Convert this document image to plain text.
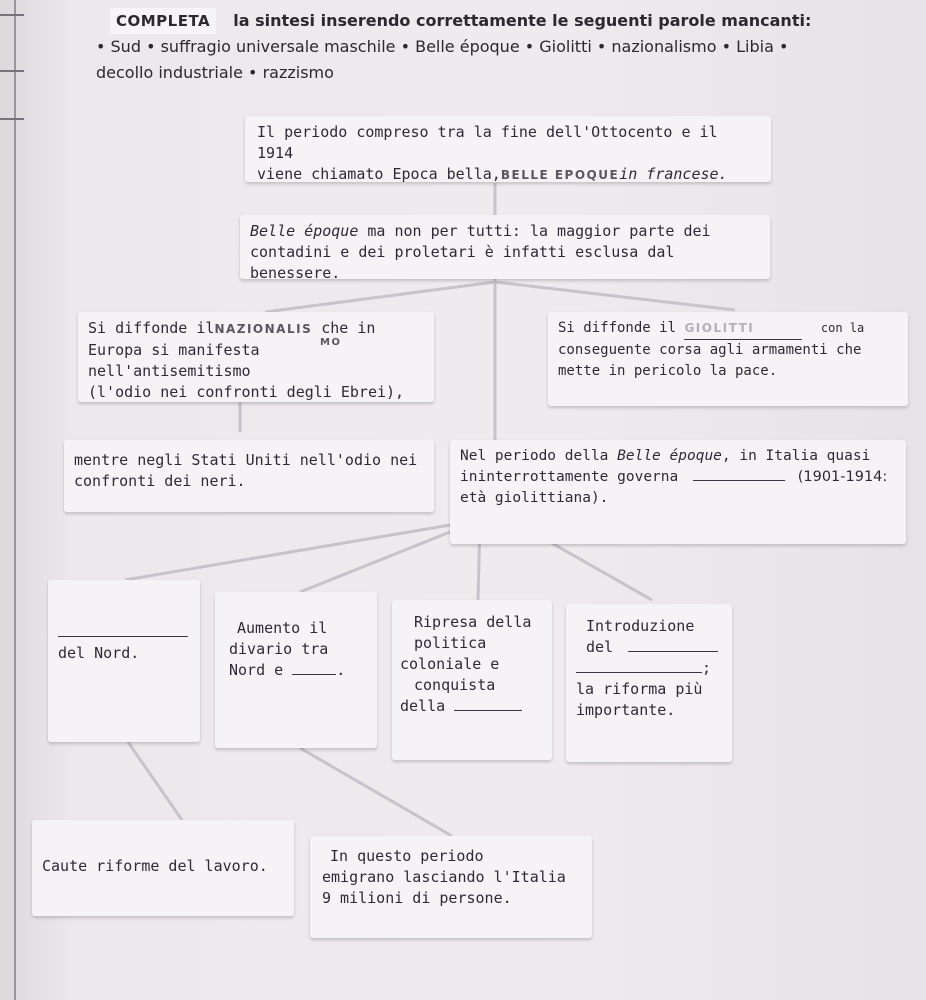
COMPLETA la sintesi inserendo correttamente le seguenti parole mancanti:
• Sud • suffragio universale maschile • Belle époque • Giolitti • nazionalismo • Libia •
decollo industriale • razzismo
Il periodo compreso tra la fine dell'Ottocento e il 1914
viene chiamato Epoca bella,BELLE EPOQUEin francese.
Belle époque ma non per tutti: la maggior parte dei
contadini e dei proletari è infatti esclusa dal benessere.
Si diffonde ilNAZIONALIS che in
MO
Europa si manifesta nell'antisemitismo
(l'odio nei confronti degli Ebrei),
Si diffonde il GIOLITTI	con la
conseguente corsa agli armamenti che
mette in pericolo la pace.
mentre negli Stati Uniti nell'odio nei
confronti dei neri.
Nel periodo della Belle époque, in Italia quasi
ininterrottamente governa	(1901-1914:
età giolittiana).
del Nord.
Aumento il
divario tra
Nord e	.
Ripresa della
politica
coloniale e
conquista
della
Introduzione
del
;
la riforma più
importante.
Caute riforme del lavoro.
In questo periodo
emigrano lasciando l'Italia
9 milioni di persone.
